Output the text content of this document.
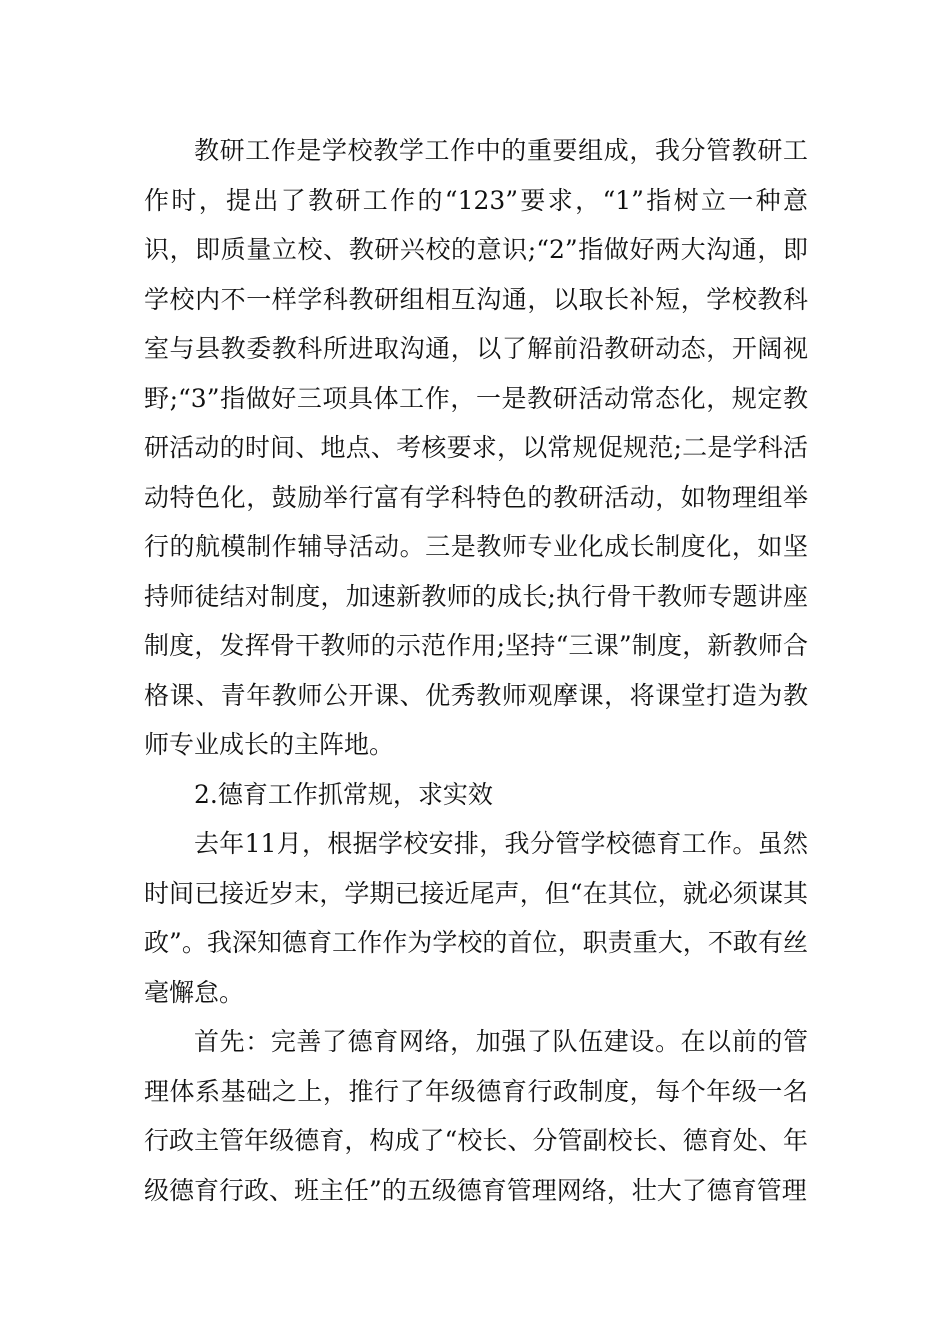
教研工作是学校教学工作中的重要组成，我分管教研工作时，提出了教研工作的“123”要求，“1”指树立一种意识，即质量立校、教研兴校的意识;“2”指做好两大沟通，即学校内不一样学科教研组相互沟通，以取长补短，学校教科室与县教委教科所进取沟通，以了解前沿教研动态，开阔视野;“3”指做好三项具体工作，一是教研活动常态化，规定教研活动的时间、地点、考核要求，以常规促规范;二是学科活动特色化，鼓励举行富有学科特色的教研活动，如物理组举行的航模制作辅导活动。三是教师专业化成长制度化，如坚持师徒结对制度，加速新教师的成长;执行骨干教师专题讲座制度，发挥骨干教师的示范作用;坚持“三课”制度，新教师合格课、青年教师公开课、优秀教师观摩课，将课堂打造为教师专业成长的主阵地。

2.德育工作抓常规，求实效

去年11月，根据学校安排，我分管学校德育工作。虽然时间已接近岁末，学期已接近尾声，但“在其位，就必须谋其政”。我深知德育工作作为学校的首位，职责重大，不敢有丝毫懈怠。

首先：完善了德育网络，加强了队伍建设。在以前的管理体系基础之上，推行了年级德育行政制度，每个年级一名行政主管年级德育，构成了“校长、分管副校长、德育处、年级德育行政、班主任”的五级德育管理网络，壮大了德育管理
